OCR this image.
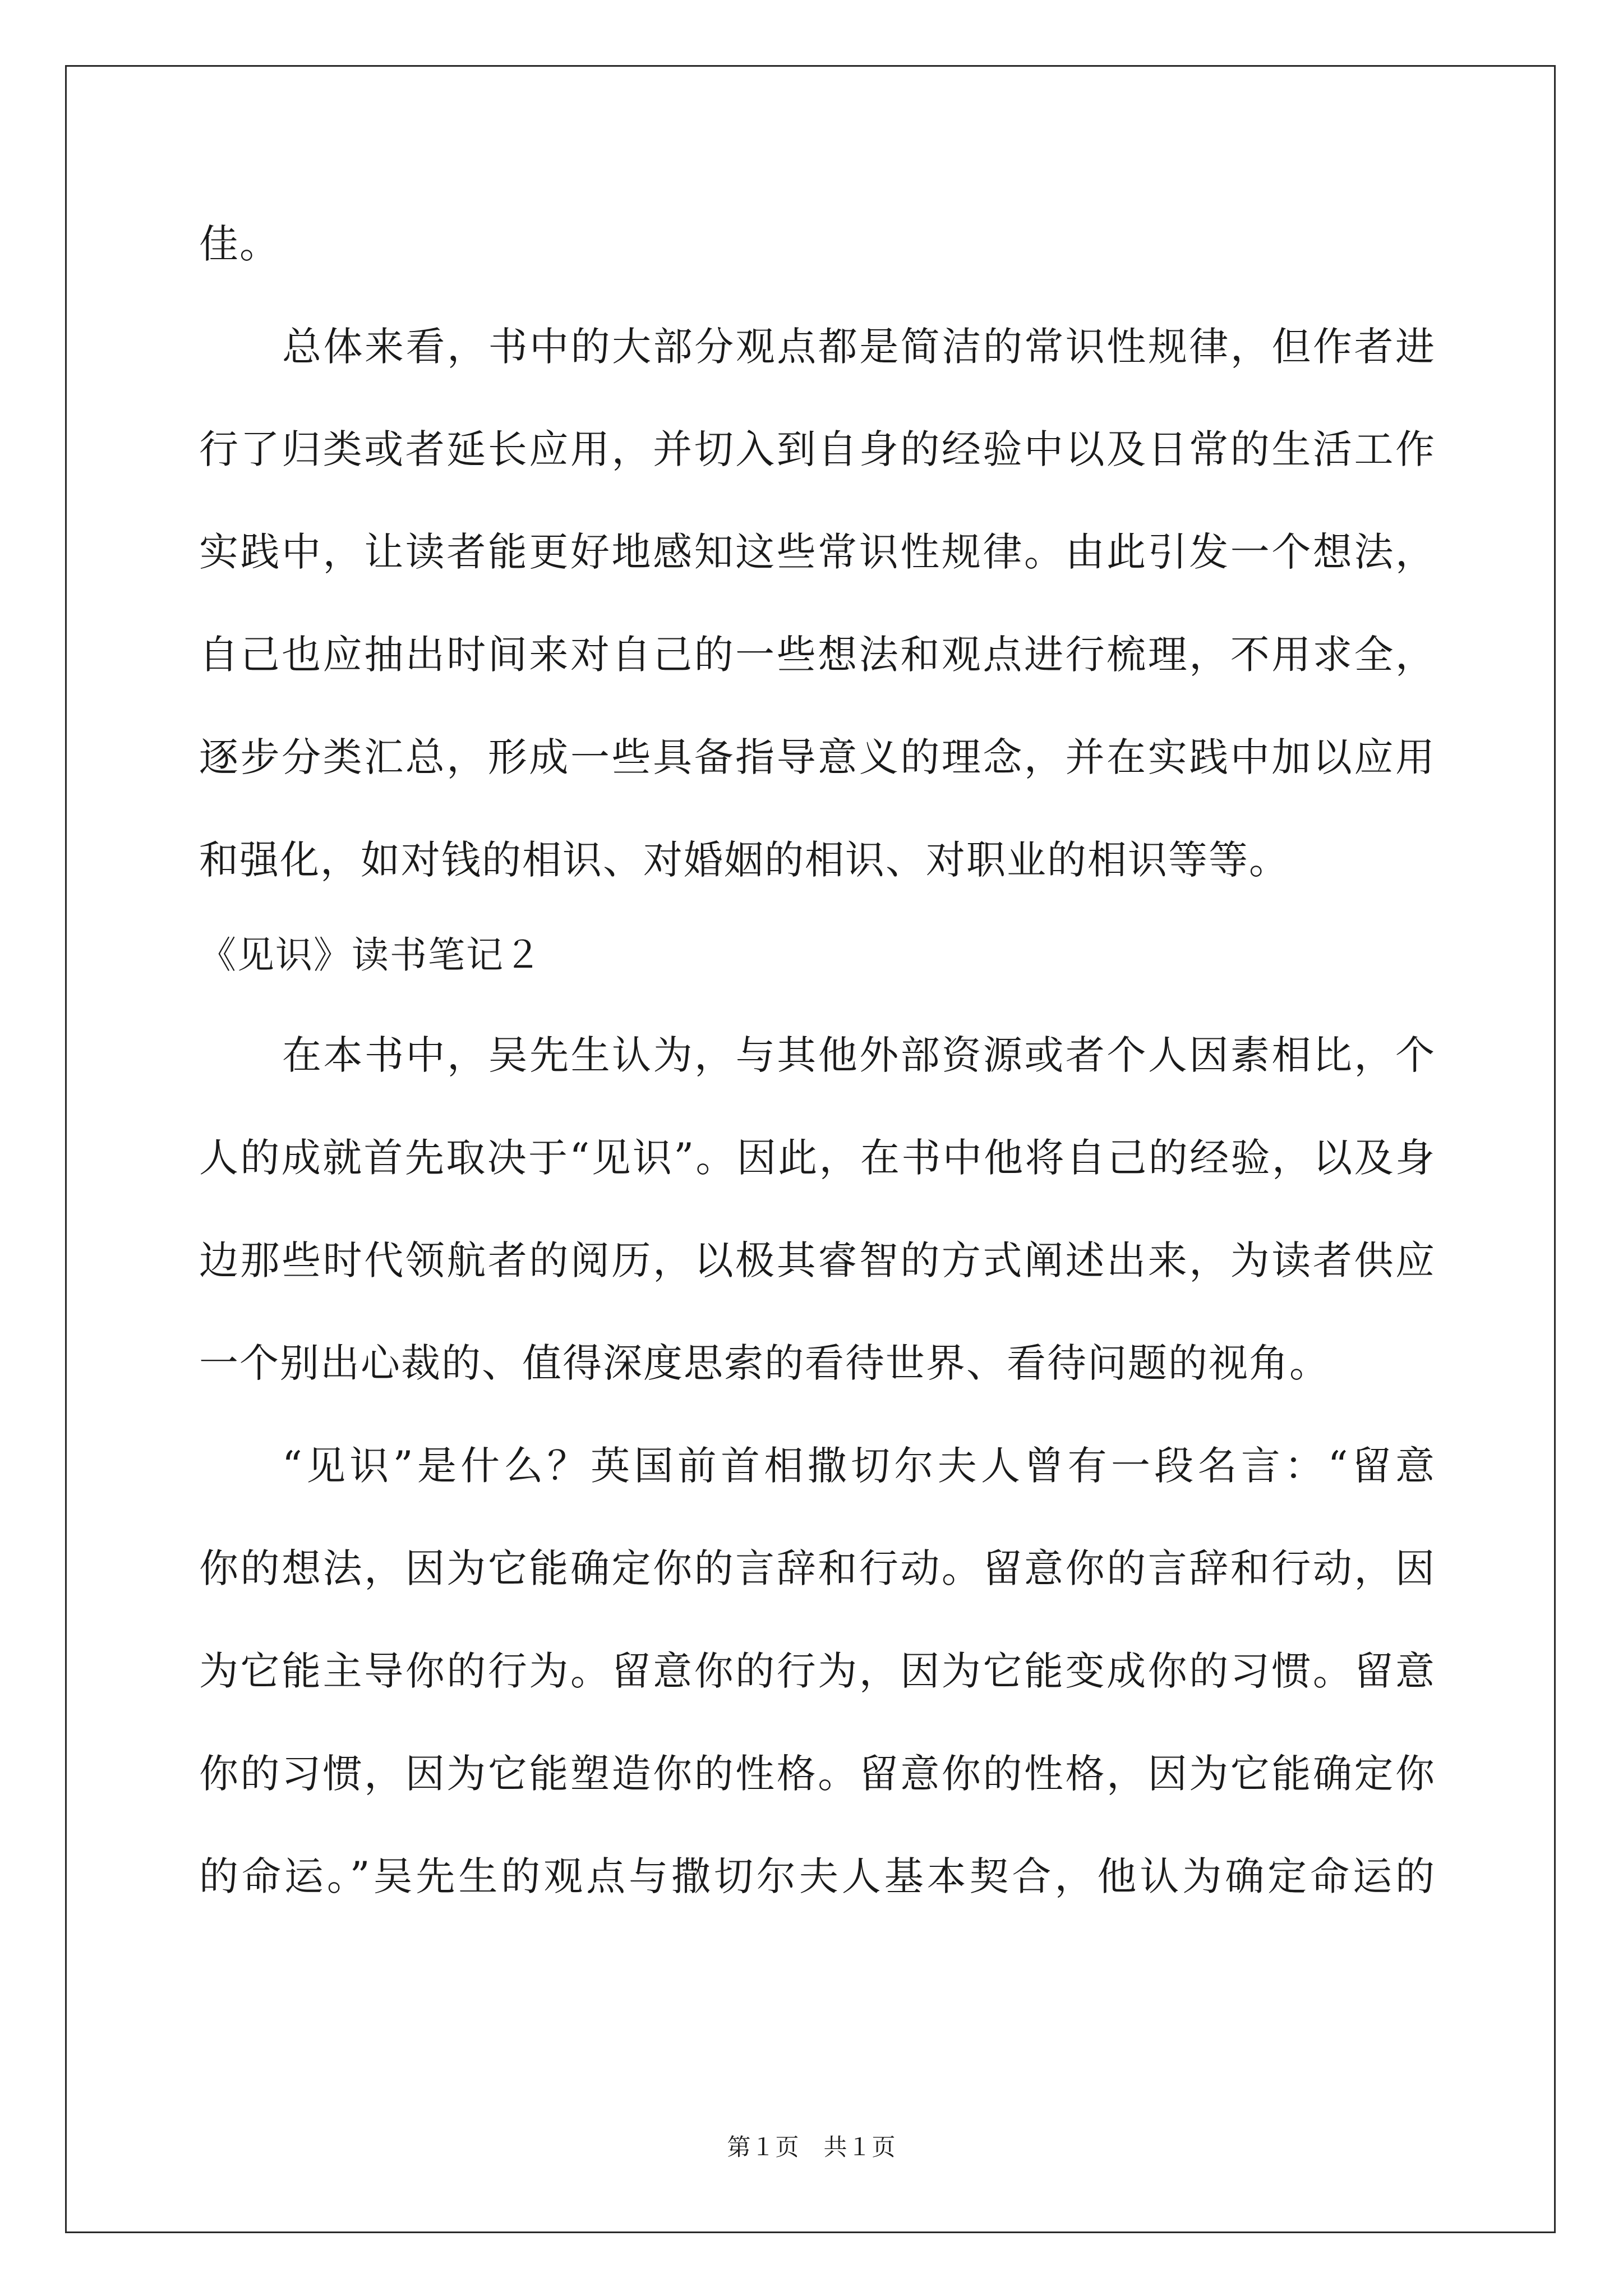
佳。
总体来看，书中的大部分观点都是简洁的常识性规律，但作者进
行了归类或者延长应用，并切入到自身的经验中以及日常的生活工作
实践中，让读者能更好地感知这些常识性规律。由此引发一个想法，
自己也应抽出时间来对自己的一些想法和观点进行梳理，不用求全，
逐步分类汇总，形成一些具备指导意义的理念，并在实践中加以应用
和强化，如对钱的相识、对婚姻的相识、对职业的相识等等。
《见识》读书笔记２
在本书中，吴先生认为，与其他外部资源或者个人因素相比，个
人的成就首先取决于“见识”。因此，在书中他将自己的经验，以及身
边那些时代领航者的阅历，以极其睿智的方式阐述出来，为读者供应
一个别出心裁的、值得深度思索的看待世界、看待问题的视角。
“见识”是什么？英国前首相撒切尔夫人曾有一段名言：“留意
你的想法，因为它能确定你的言辞和行动。留意你的言辞和行动，因
为它能主导你的行为。留意你的行为，因为它能变成你的习惯。留意
你的习惯，因为它能塑造你的性格。留意你的性格，因为它能确定你
的命运。”吴先生的观点与撒切尔夫人基本契合，他认为确定命运的
第１页　共１页
